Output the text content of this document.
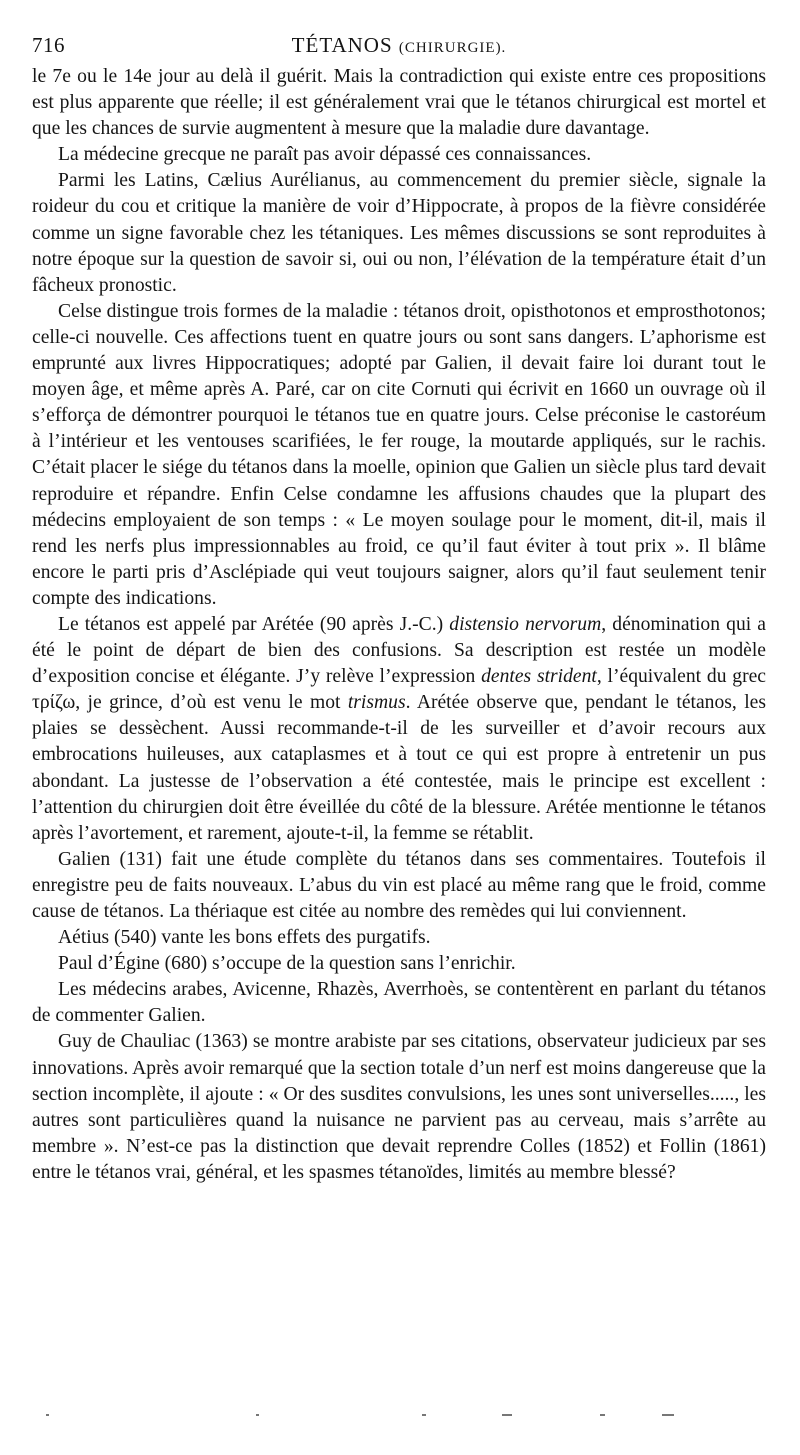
716	TÉTANOS (CHIRURGIE).

le 7e ou le 14e jour au delà il guérit. Mais la contradiction qui existe entre ces propositions est plus apparente que réelle; il est généralement vrai que le tétanos chirurgical est mortel et que les chances de survie augmentent à mesure que la maladie dure davantage.

La médecine grecque ne paraît pas avoir dépassé ces connaissances.

Parmi les Latins, Cælius Aurélianus, au commencement du premier siècle, signale la roideur du cou et critique la manière de voir d’Hippocrate, à propos de la fièvre considérée comme un signe favorable chez les tétaniques. Les mêmes discussions se sont reproduites à notre époque sur la question de savoir si, oui ou non, l’élévation de la température était d’un fâcheux pronostic.

Celse distingue trois formes de la maladie : tétanos droit, opisthotonos et emprosthotonos; celle-ci nouvelle. Ces affections tuent en quatre jours ou sont sans dangers. L’aphorisme est emprunté aux livres Hippocratiques; adopté par Galien, il devait faire loi durant tout le moyen âge, et même après A. Paré, car on cite Cornuti qui écrivit en 1660 un ouvrage où il s’efforça de démontrer pourquoi le tétanos tue en quatre jours. Celse préconise le castoréum à l’intérieur et les ventouses scarifiées, le fer rouge, la moutarde appliqués, sur le rachis. C’était placer le siége du tétanos dans la moelle, opinion que Galien un siècle plus tard devait reproduire et répandre. Enfin Celse condamne les affusions chaudes que la plupart des médecins employaient de son temps : « Le moyen soulage pour le moment, dit-il, mais il rend les nerfs plus impressionnables au froid, ce qu’il faut éviter à tout prix ». Il blâme encore le parti pris d’Asclépiade qui veut toujours saigner, alors qu’il faut seulement tenir compte des indications.

Le tétanos est appelé par Arétée (90 après J.-C.) distensio nervorum, dénomination qui a été le point de départ de bien des confusions. Sa description est restée un modèle d’exposition concise et élégante. J’y relève l’expression dentes strident, l’équivalent du grec τρίζω, je grince, d’où est venu le mot trismus. Arétée observe que, pendant le tétanos, les plaies se dessèchent. Aussi recommande-t-il de les surveiller et d’avoir recours aux embrocations huileuses, aux cataplasmes et à tout ce qui est propre à entretenir un pus abondant. La justesse de l’observation a été contestée, mais le principe est excellent : l’attention du chirurgien doit être éveillée du côté de la blessure. Arétée mentionne le tétanos après l’avortement, et rarement, ajoute-t-il, la femme se rétablit.

Galien (131) fait une étude complète du tétanos dans ses commentaires. Toutefois il enregistre peu de faits nouveaux. L’abus du vin est placé au même rang que le froid, comme cause de tétanos. La thériaque est citée au nombre des remèdes qui lui conviennent.

Aétius (540) vante les bons effets des purgatifs.

Paul d’Égine (680) s’occupe de la question sans l’enrichir.

Les médecins arabes, Avicenne, Rhazès, Averrhoès, se contentèrent en parlant du tétanos de commenter Galien.

Guy de Chauliac (1363) se montre arabiste par ses citations, observateur judicieux par ses innovations. Après avoir remarqué que la section totale d’un nerf est moins dangereuse que la section incomplète, il ajoute : « Or des susdites convulsions, les unes sont universelles....., les autres sont particulières quand la nuisance ne parvient pas au cerveau, mais s’arrête au membre ». N’est-ce pas la distinction que devait reprendre Colles (1852) et Follin (1861) entre le tétanos vrai, général, et les spasmes tétanoïdes, limités au membre blessé?
